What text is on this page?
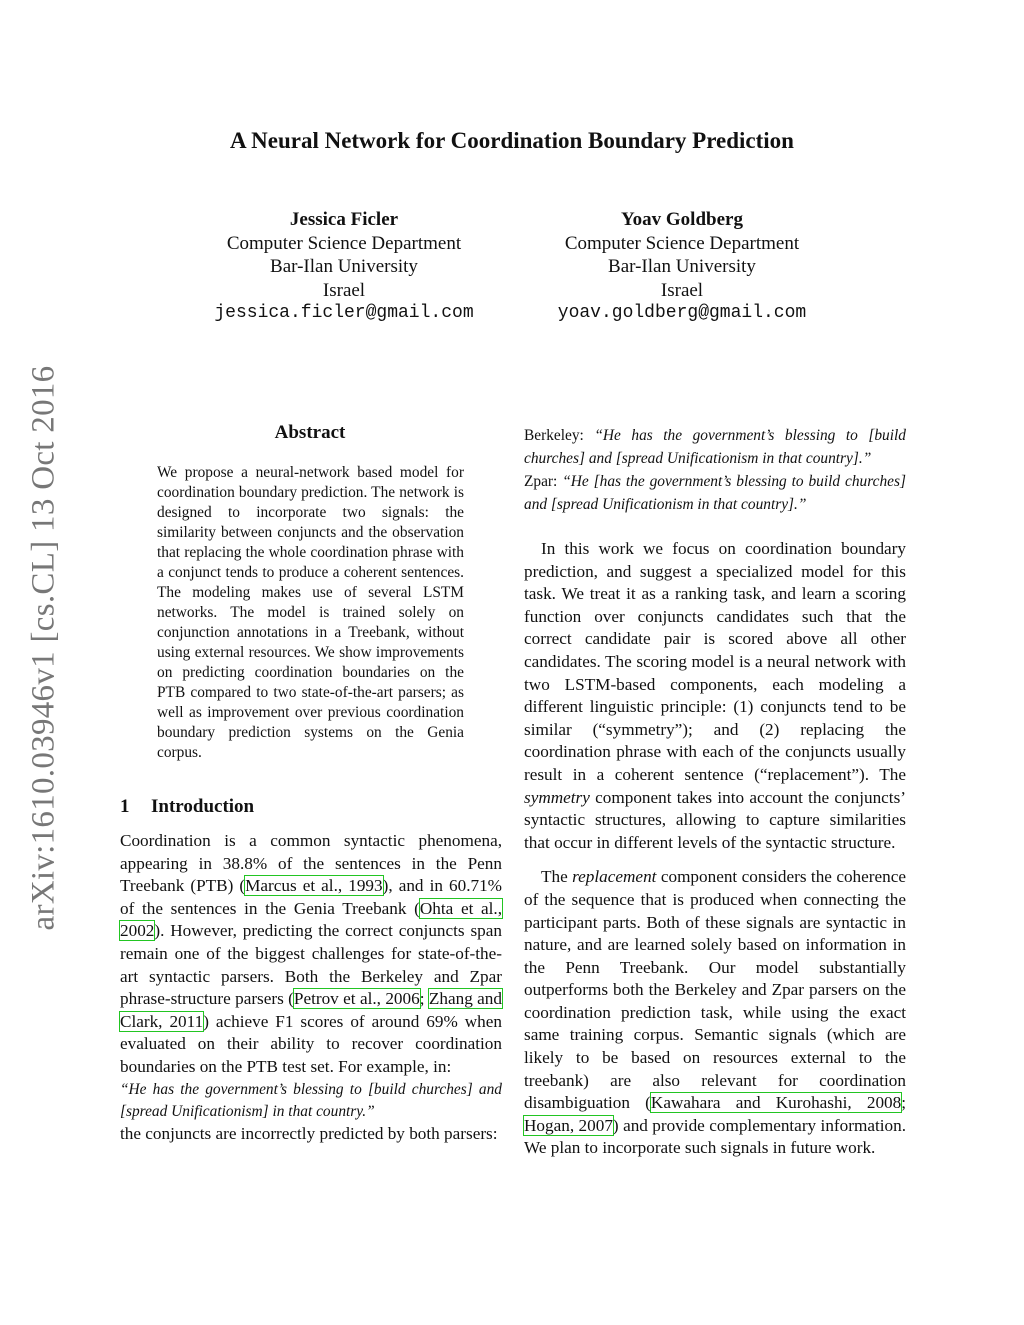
arXiv:1610.03946v1 [cs.CL] 13 Oct 2016
A Neural Network for Coordination Boundary Prediction
Jessica Ficler
Computer Science Department
Bar-Ilan University
Israel
jessica.ficler@gmail.com
Yoav Goldberg
Computer Science Department
Bar-Ilan University
Israel
yoav.goldberg@gmail.com
Abstract
We propose a neural-network based model for coordination boundary prediction. The network is designed to incorporate two signals: the similarity between conjuncts and the observation that replacing the whole coordination phrase with a conjunct tends to produce a coherent sentences. The modeling makes use of several LSTM networks. The model is trained solely on conjunction annotations in a Treebank, without using external resources. We show improvements on predicting coordination boundaries on the PTB compared to two state-of-the-art parsers; as well as improvement over previous coordination boundary prediction systems on the Genia corpus.
1 Introduction

Coordination is a common syntactic phenomena, appearing in 38.8% of the sentences in the Penn Treebank (PTB) (Marcus et al., 1993), and in 60.71% of the sentences in the Genia Treebank (Ohta et al., 2002). However, predicting the correct conjuncts span remain one of the biggest challenges for state-of-the-art syntactic parsers. Both the Berkeley and Zpar phrase-structure parsers (Petrov et al., 2006; Zhang and Clark, 2011) achieve F1 scores of around 69% when evaluated on their ability to recover coordination boundaries on the PTB test set. For example, in:

“He has the government’s blessing to [build churches] and [spread Unificationism] in that country.”

the conjuncts are incorrectly predicted by both parsers:

Berkeley: “He has the government’s blessing to [build churches] and [spread Unificationism in that country].”
Zpar: “He [has the government’s blessing to build churches] and [spread Unificationism in that country].”

In this work we focus on coordination boundary prediction, and suggest a specialized model for this task. We treat it as a ranking task, and learn a scoring function over conjuncts candidates such that the correct candidate pair is scored above all other candidates. The scoring model is a neural network with two LSTM-based components, each modeling a different linguistic principle: (1) conjuncts tend to be similar (“symmetry”); and (2) replacing the coordination phrase with each of the conjuncts usually result in a coherent sentence (“replacement”). The symmetry component takes into account the conjuncts’ syntactic structures, allowing to capture similarities that occur in different levels of the syntactic structure.

The replacement component considers the coherence of the sequence that is produced when connecting the participant parts. Both of these signals are syntactic in nature, and are learned solely based on information in the Penn Treebank. Our model substantially outperforms both the Berkeley and Zpar parsers on the coordination prediction task, while using the exact same training corpus. Semantic signals (which are likely to be based on resources external to the treebank) are also relevant for coordination disambiguation (Kawahara and Kurohashi, 2008; Hogan, 2007) and provide complementary information. We plan to incorporate such signals in future work.
